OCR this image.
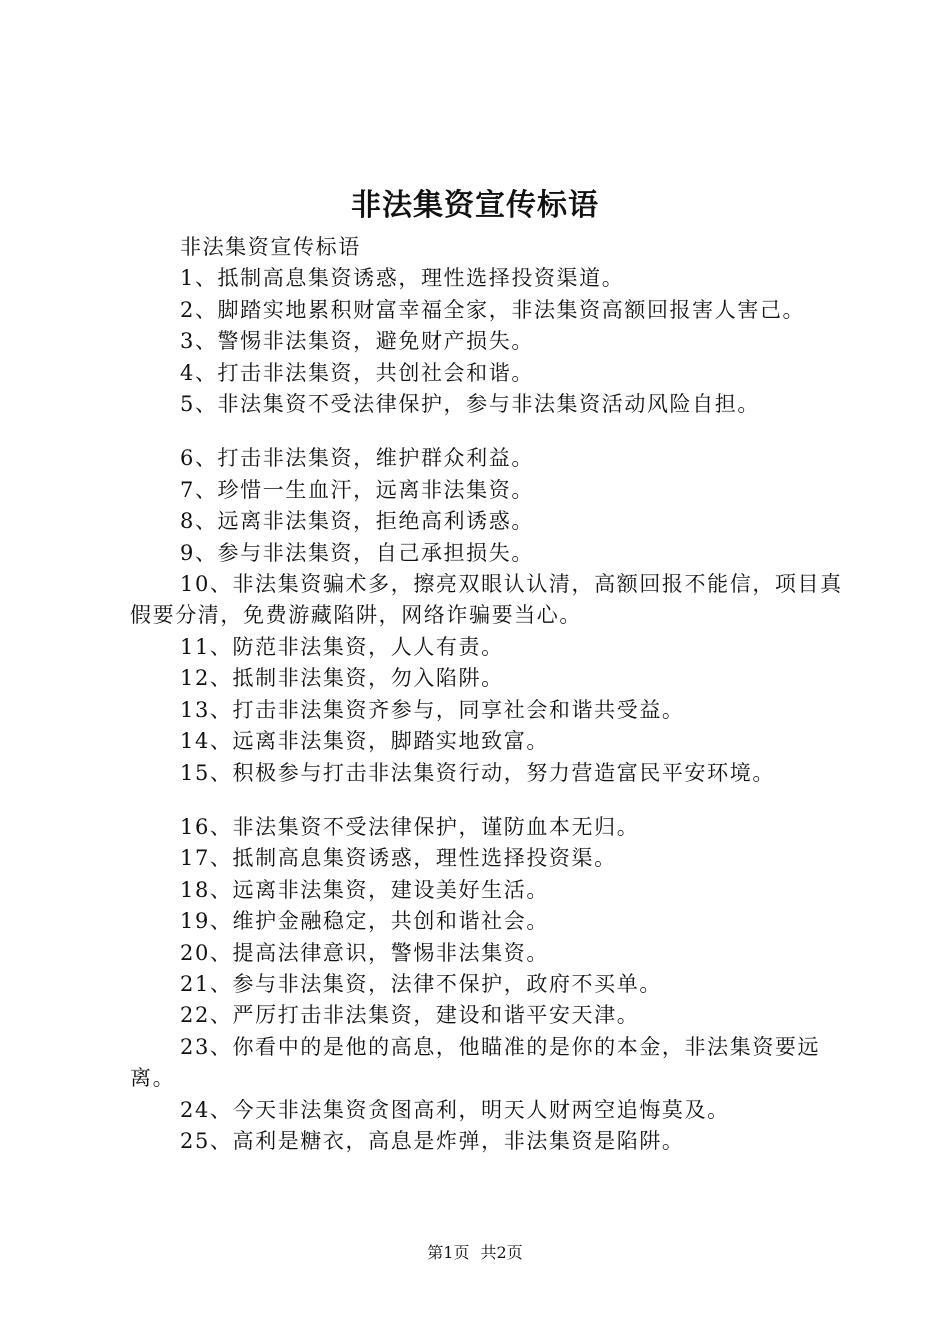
非法集资宣传标语

非法集资宣传标语

1、抵制高息集资诱惑，理性选择投资渠道。

2、脚踏实地累积财富幸福全家，非法集资高额回报害人害己。

3、警惕非法集资，避免财产损失。

4、打击非法集资，共创社会和谐。

5、非法集资不受法律保护，参与非法集资活动风险自担。

6、打击非法集资，维护群众利益。

7、珍惜一生血汗，远离非法集资。

8、远离非法集资，拒绝高利诱惑。

9、参与非法集资，自己承担损失。

10、非法集资骗术多，擦亮双眼认认清，高额回报不能信，项目真假要分清，免费游藏陷阱，网络诈骗要当心。

11、防范非法集资，人人有责。

12、抵制非法集资，勿入陷阱。

13、打击非法集资齐参与，同享社会和谐共受益。

14、远离非法集资，脚踏实地致富。

15、积极参与打击非法集资行动，努力营造富民平安环境。

16、非法集资不受法律保护，谨防血本无归。

17、抵制高息集资诱惑，理性选择投资渠。

18、远离非法集资，建设美好生活。

19、维护金融稳定，共创和谐社会。

20、提高法律意识，警惕非法集资。

21、参与非法集资，法律不保护，政府不买单。

22、严厉打击非法集资，建设和谐平安天津。

23、你看中的是他的高息，他瞄准的是你的本金，非法集资要远离。

24、今天非法集资贪图高利，明天人财两空追悔莫及。

25、高利是糖衣，高息是炸弹，非法集资是陷阱。

第1页 共2页
